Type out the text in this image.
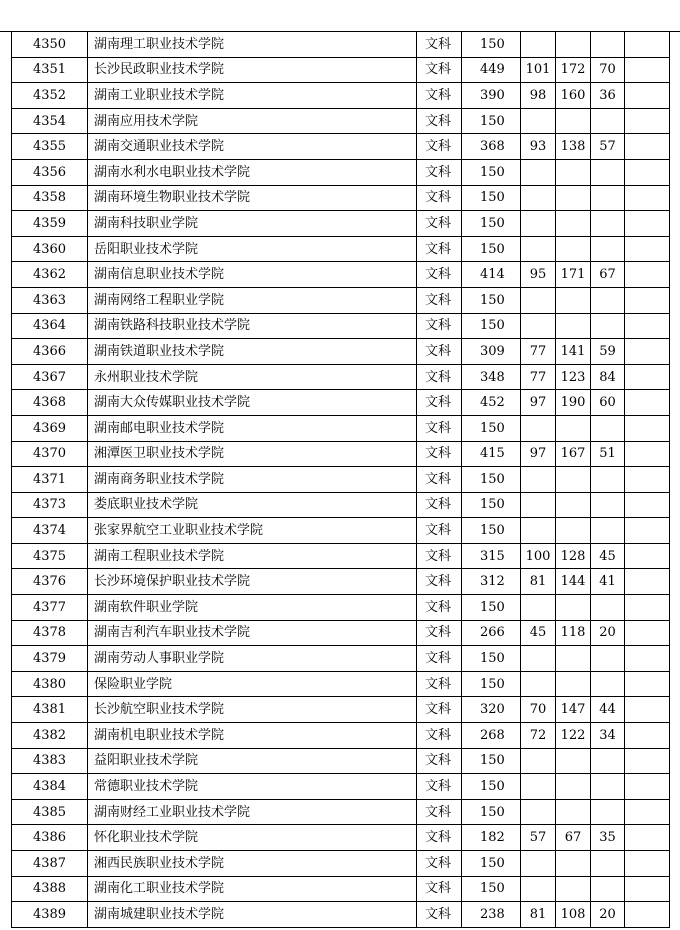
4350	湖南理工职业技术学院	文科	150				
4351	长沙民政职业技术学院	文科	449	101	172	70	
4352	湖南工业职业技术学院	文科	390	98	160	36	
4354	湖南应用技术学院	文科	150				
4355	湖南交通职业技术学院	文科	368	93	138	57	
4356	湖南水利水电职业技术学院	文科	150				
4358	湖南环境生物职业技术学院	文科	150				
4359	湖南科技职业学院	文科	150				
4360	岳阳职业技术学院	文科	150				
4362	湖南信息职业技术学院	文科	414	95	171	67	
4363	湖南网络工程职业学院	文科	150				
4364	湖南铁路科技职业技术学院	文科	150				
4366	湖南铁道职业技术学院	文科	309	77	141	59	
4367	永州职业技术学院	文科	348	77	123	84	
4368	湖南大众传媒职业技术学院	文科	452	97	190	60	
4369	湖南邮电职业技术学院	文科	150				
4370	湘潭医卫职业技术学院	文科	415	97	167	51	
4371	湖南商务职业技术学院	文科	150				
4373	娄底职业技术学院	文科	150				
4374	张家界航空工业职业技术学院	文科	150				
4375	湖南工程职业技术学院	文科	315	100	128	45	
4376	长沙环境保护职业技术学院	文科	312	81	144	41	
4377	湖南软件职业学院	文科	150				
4378	湖南吉利汽车职业技术学院	文科	266	45	118	20	
4379	湖南劳动人事职业学院	文科	150				
4380	保险职业学院	文科	150				
4381	长沙航空职业技术学院	文科	320	70	147	44	
4382	湖南机电职业技术学院	文科	268	72	122	34	
4383	益阳职业技术学院	文科	150				
4384	常德职业技术学院	文科	150				
4385	湖南财经工业职业技术学院	文科	150				
4386	怀化职业技术学院	文科	182	57	67	35	
4387	湘西民族职业技术学院	文科	150				
4388	湖南化工职业技术学院	文科	150				
4389	湖南城建职业技术学院	文科	238	81	108	20	
